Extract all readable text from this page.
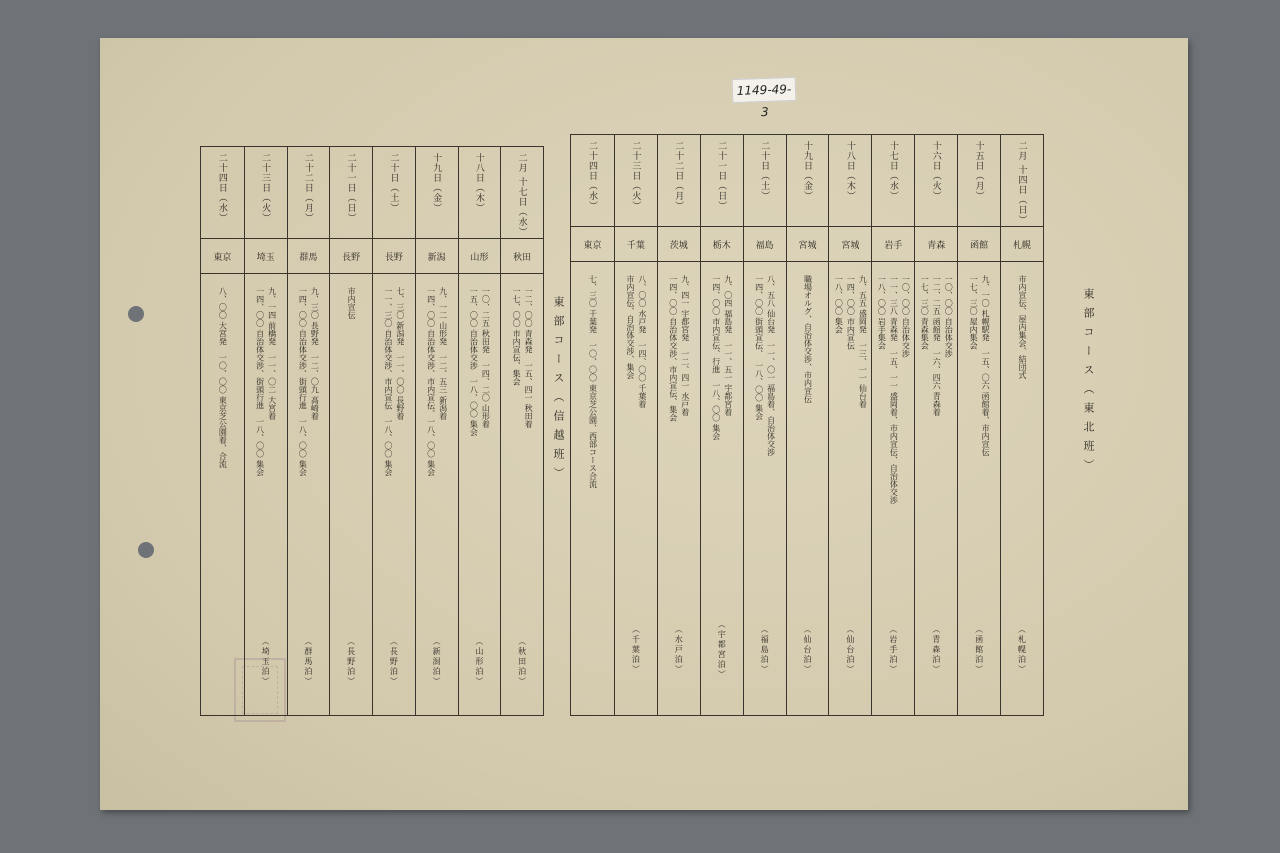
1149-49-3
二月 十四日（日）
札幌
市内宣伝、屋内集会、結団式
（札幌泊）
十五日（月）
函館
九、一〇 札幌駅発　一五、〇六 函館着、市内宣伝
一七、三〇 屋内集会
（函館泊）
十六日（火）
青森
一〇、〇〇 自治体交渉
一二、二五 函館発　一六、四六 青森着
一七、三〇 青森集会
（青森泊）
十七日（水）
岩手
一〇、〇〇 自治体交渉
一一、三八 青森発　一五、一一 盛岡着、市内宣伝、自治体交渉
一八、〇〇 岩手集会
（岩手泊）
十八日（木）
宮城
九、五五 盛岡発　一三、一一 仙台着
一四、〇〇 市内宣伝
一八、〇〇 集会
（仙台泊）
十九日（金）
宮城
職場オルグ、自治体交渉、市内宣伝
（仙台泊）
二十日（土）
福島
八、五八 仙台発　一一、〇一 福島着、自治体交渉
一四、〇〇 街頭宣伝、　一八、〇〇 集会
（福島泊）
二十一日（日）
栃木
九、〇四 福島発　一一、五一 宇都宮着
一四、〇〇 市内宣伝、行進　一八、〇〇 集会
（宇都宮泊）
二十二日（月）
茨城
九、四一 宇都宮発　一二、四一 水戸着
一四、〇〇 自治体交渉、市内宣伝、集会
（水戸泊）
二十三日（火）
千葉
八、〇〇 水戸発　一四、〇〇 千葉着
市内宣伝、自治体交渉、集会
（千葉泊）
二十四日（水）
東京
七、三〇 千葉発　一〇、〇〇 東京芝公園、西部コース合流	東部コース（東北班）
二月 十七日（水）
秋田
一二、〇〇 青森発　一五、四一 秋田着
一七、〇〇 市内宣伝、集会
（秋田泊）
十八日（木）
山形
一〇、二五 秋田発　一四、二〇 山形着
一五、〇〇 自治体交渉　一八、〇〇 集会
（山形泊）
十九日（金）
新潟
九、一二 山形発　一二、五三 新潟着
一四、〇〇 自治体交渉、市内宣伝、一八、〇〇 集会
（新潟泊）
二十日（土）
長野
七、三〇 新潟発　一一、〇〇 長野着
一一、三〇 自治体交渉、市内宣伝　一八、〇〇 集会
（長野泊）
二十一日（日）
長野
市内宣伝
（長野泊）
二十二日（月）
群馬
九、三〇 長野発　一二、〇九 高崎着
一四、〇〇 自治体交渉、街頭行進　一八、〇〇 集会
（群馬泊）
二十三日（火）
埼玉
九、一四 前橋発　一一、〇二 大宮着
一四、〇〇 自治体交渉、街頭行進　一八、〇〇 集会
（埼玉泊）
二十四日（水）
東京
八、〇〇 大宮発　一〇、〇〇 東京芝公園着、合流	東部コース（信越班）
